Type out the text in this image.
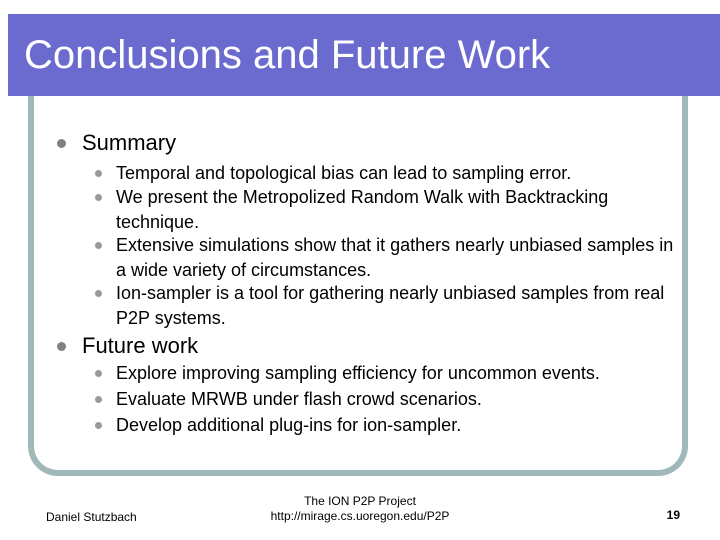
Conclusions and Future Work
Summary
Temporal and topological bias can lead to sampling error.
We present the Metropolized Random Walk with Backtracking technique.
Extensive simulations show that it gathers nearly unbiased samples in a wide variety of circumstances.
Ion-sampler is a tool for gathering nearly unbiased samples from real P2P systems.
Future work
Explore improving sampling efficiency for uncommon events.
Evaluate MRWB under flash crowd scenarios.
Develop additional plug-ins for ion-sampler.
Daniel Stutzbach
The ION P2P Project
http://mirage.cs.uoregon.edu/P2P	19
